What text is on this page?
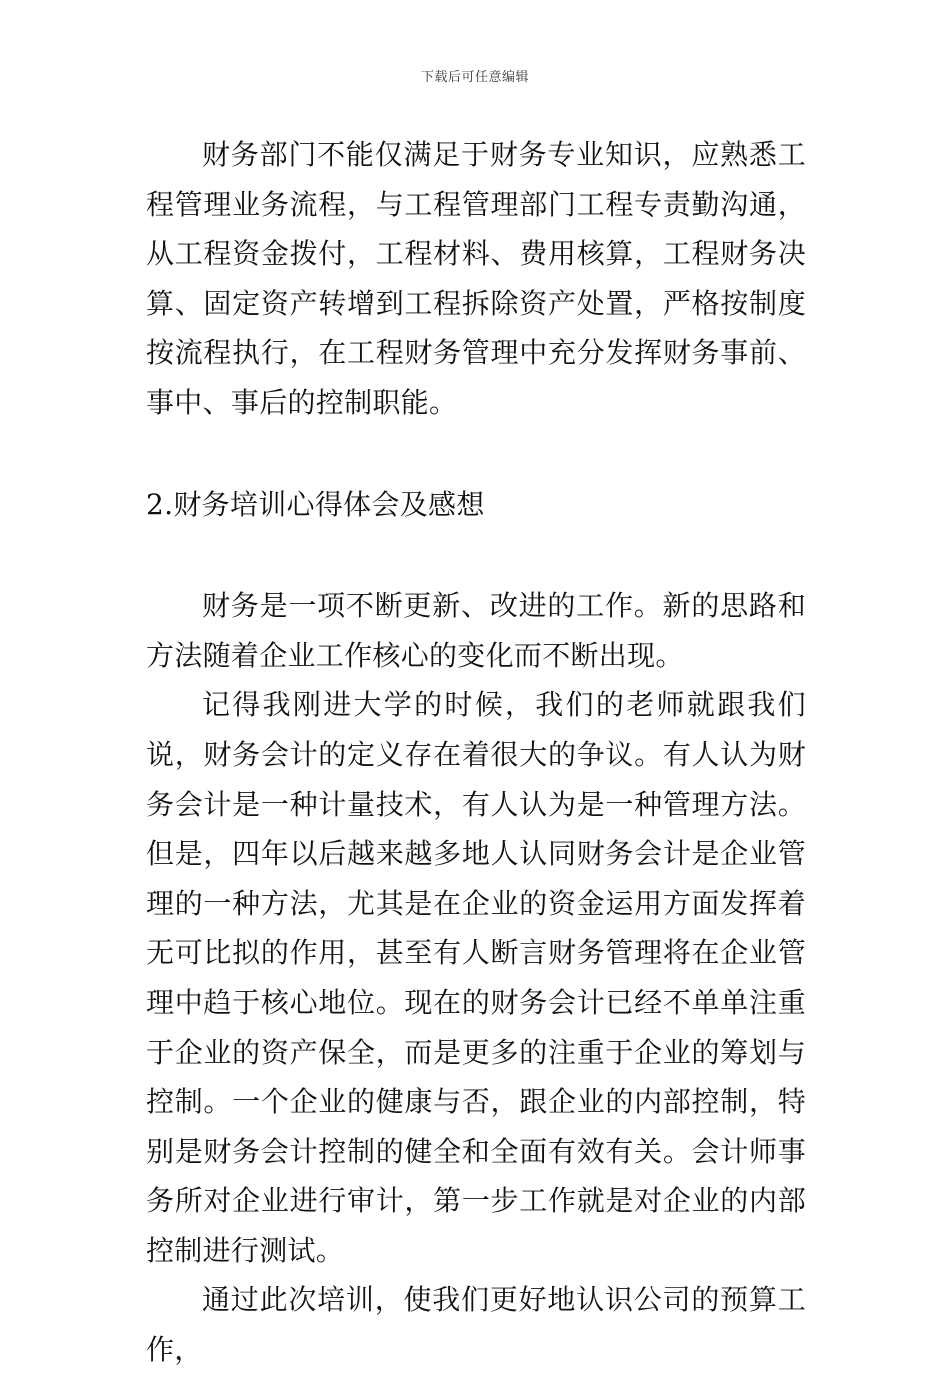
下载后可任意编辑

财务部门不能仅满足于财务专业知识，应熟悉工程管理业务流程，与工程管理部门工程专责勤沟通，从工程资金拨付，工程材料、费用核算，工程财务决算、固定资产转增到工程拆除资产处置，严格按制度按流程执行，在工程财务管理中充分发挥财务事前、事中、事后的控制职能。

2.财务培训心得体会及感想

财务是一项不断更新、改进的工作。新的思路和方法随着企业工作核心的变化而不断出现。

记得我刚进大学的时候，我们的老师就跟我们说，财务会计的定义存在着很大的争议。有人认为财务会计是一种计量技术，有人认为是一种管理方法。但是，四年以后越来越多地人认同财务会计是企业管理的一种方法，尤其是在企业的资金运用方面发挥着无可比拟的作用，甚至有人断言财务管理将在企业管理中趋于核心地位。现在的财务会计已经不单单注重于企业的资产保全，而是更多的注重于企业的筹划与控制。一个企业的健康与否，跟企业的内部控制，特别是财务会计控制的健全和全面有效有关。会计师事务所对企业进行审计，第一步工作就是对企业的内部控制进行测试。

通过此次培训，使我们更好地认识公司的预算工作，
